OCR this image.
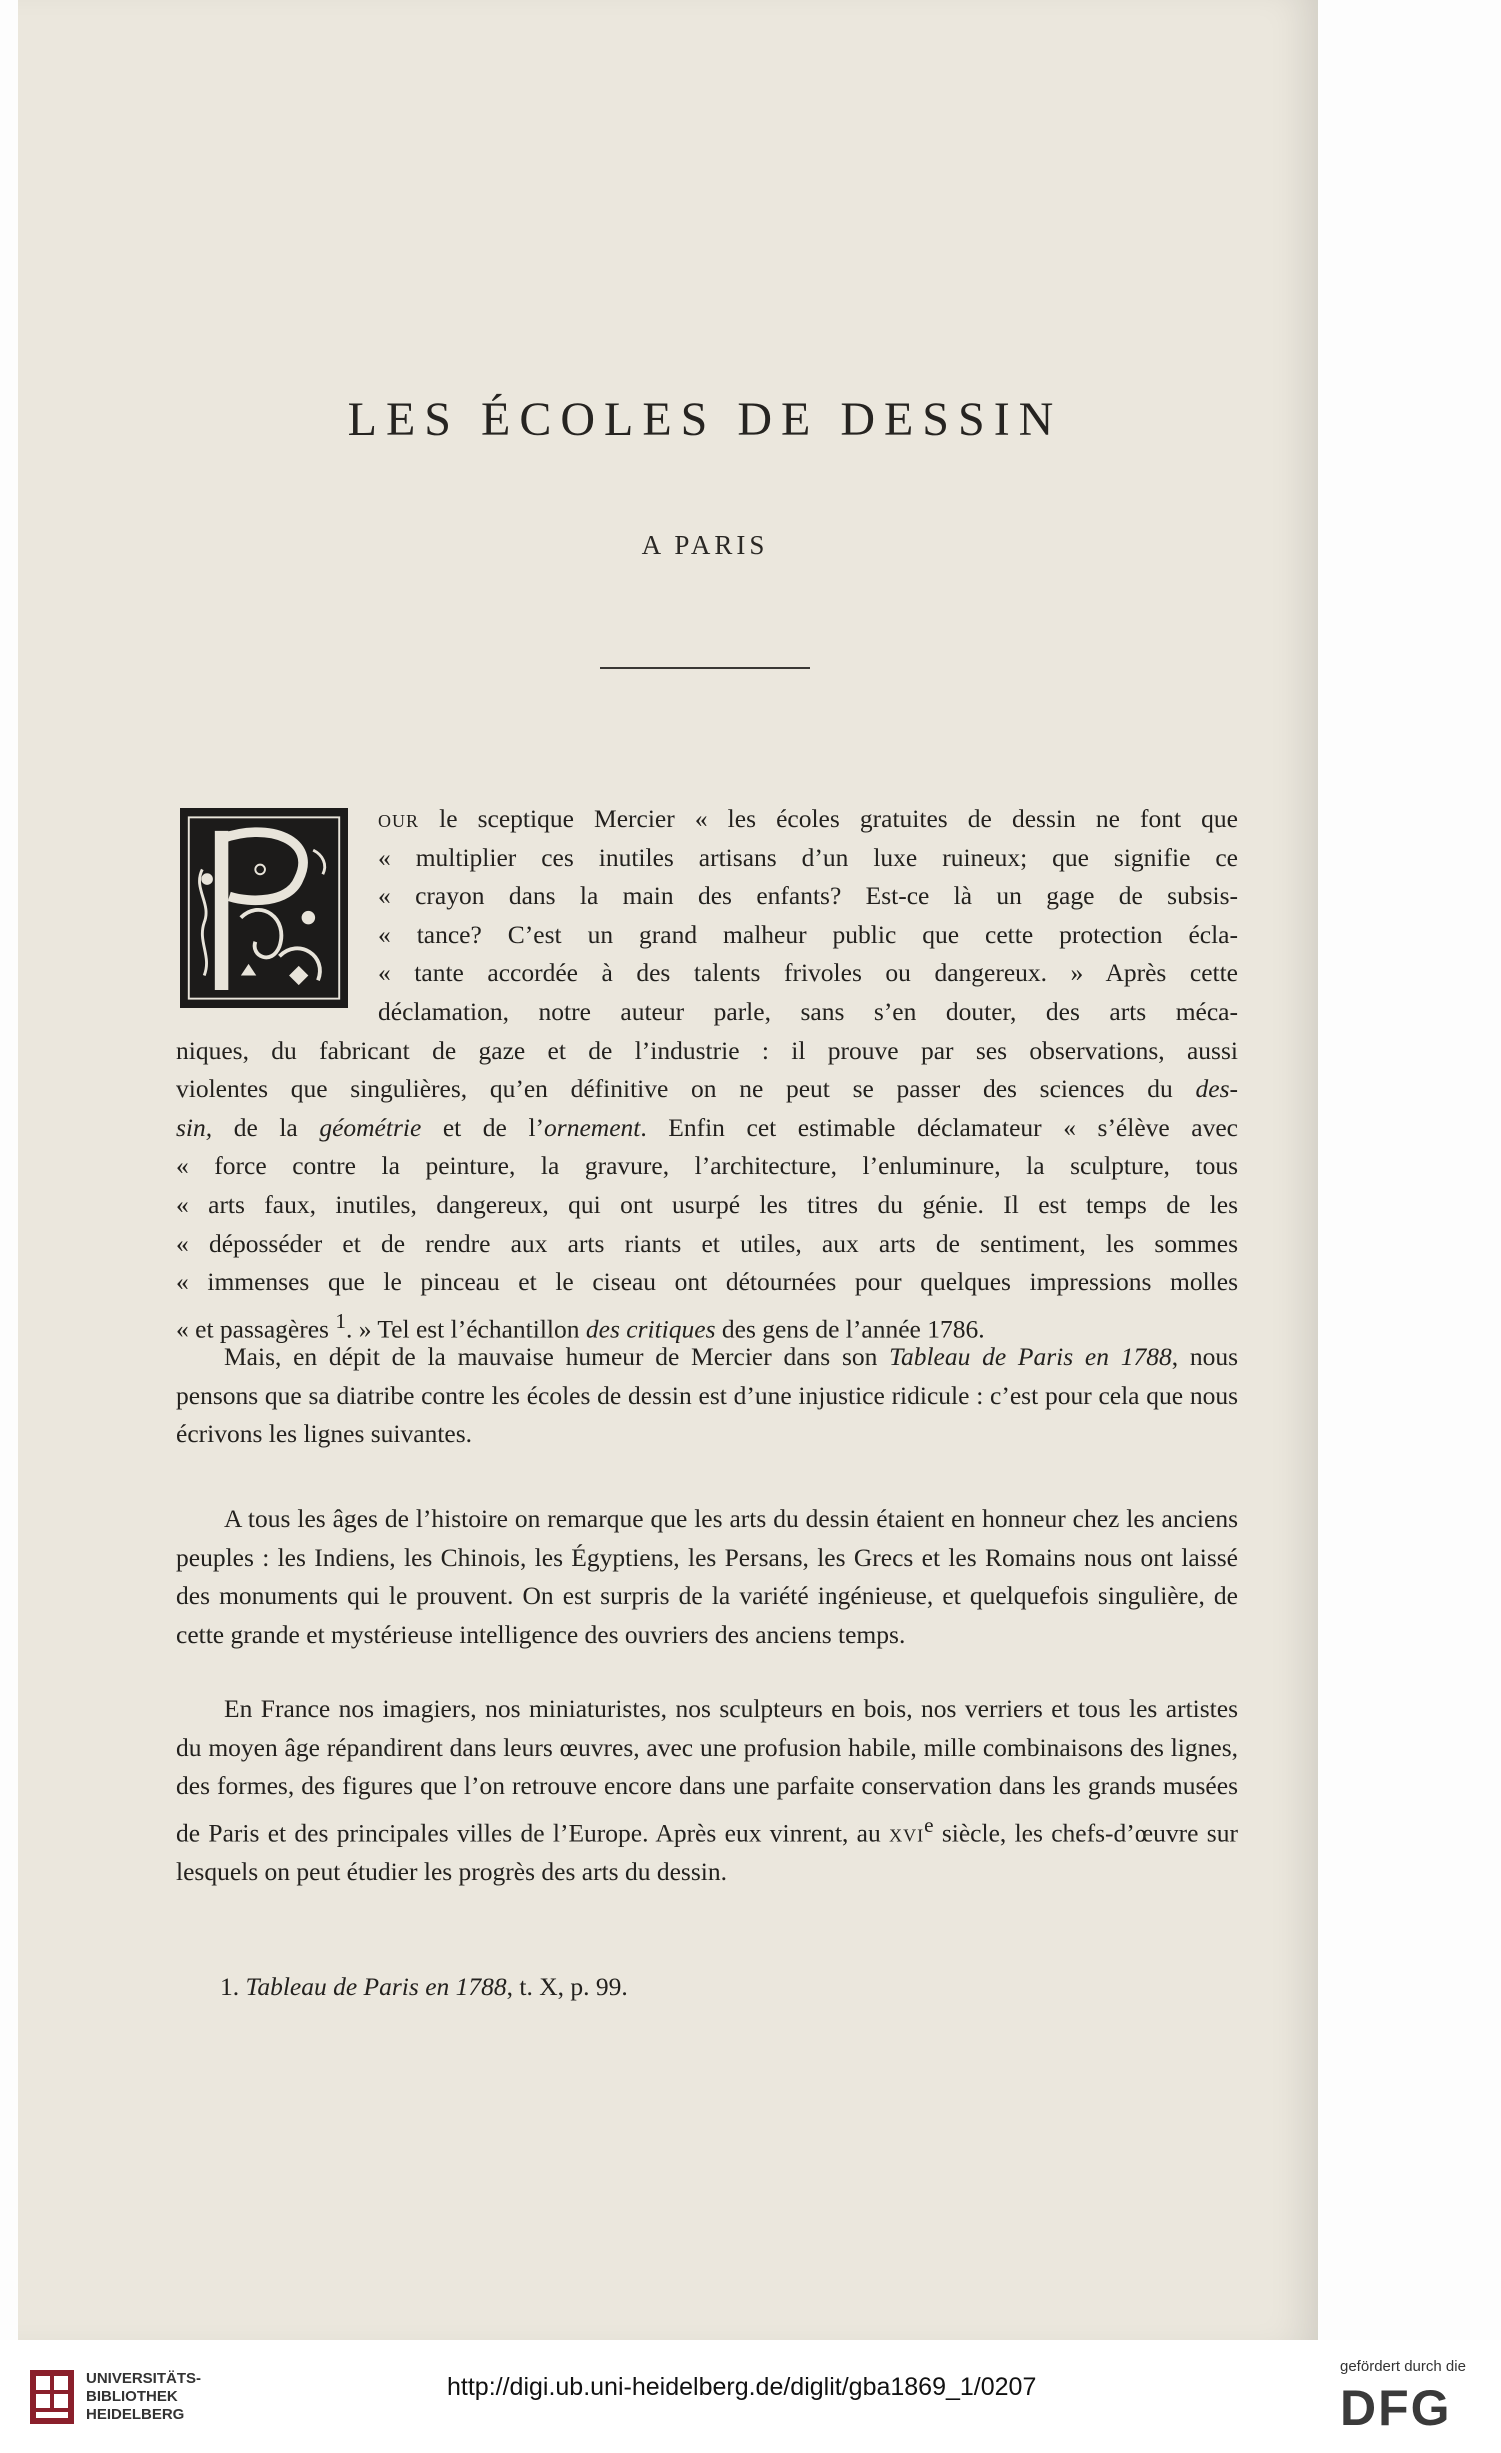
LES ÉCOLES DE DESSIN
A PARIS
our le sceptique Mercier « les écoles gratuites de dessin ne font que
« multiplier ces inutiles artisans d’un luxe ruineux; que signifie ce
« crayon dans la main des enfants? Est-ce là un gage de subsis-
« tance? C’est un grand malheur public que cette protection écla-
« tante accordée à des talents frivoles ou dangereux. » Après cette
déclamation, notre auteur parle, sans s’en douter, des arts méca-
niques, du fabricant de gaze et de l’industrie : il prouve par ses observations, aussi
violentes que singulières, qu’en définitive on ne peut se passer des sciences du des-
sin, de la géométrie et de l’ornement. Enfin cet estimable déclamateur « s’élève avec
« force contre la peinture, la gravure, l’architecture, l’enluminure, la sculpture, tous
« arts faux, inutiles, dangereux, qui ont usurpé les titres du génie. Il est temps de les
« déposséder et de rendre aux arts riants et utiles, aux arts de sentiment, les sommes
« immenses que le pinceau et le ciseau ont détournées pour quelques impressions molles
« et passagères $^1$. » Tel est l’échantillon des critiques des gens de l’année 1786.

Mais, en dépit de la mauvaise humeur de Mercier dans son Tableau de Paris en 1788, nous pensons que sa diatribe contre les écoles de dessin est d’une injustice ridicule : c’est pour cela que nous écrivons les lignes suivantes.

A tous les âges de l’histoire on remarque que les arts du dessin étaient en honneur chez les anciens peuples : les Indiens, les Chinois, les Égyptiens, les Persans, les Grecs et les Romains nous ont laissé des monuments qui le prouvent. On est surpris de la variété ingénieuse, et quelquefois singulière, de cette grande et mystérieuse intelligence des ouvriers des anciens temps.

En France nos imagiers, nos miniaturistes, nos sculpteurs en bois, nos verriers et tous les artistes du moyen âge répandirent dans leurs œuvres, avec une profusion habile, mille combinaisons des lignes, des formes, des figures que l’on retrouve encore dans une parfaite conservation dans les grands musées de Paris et des principales villes de l’Europe. Après eux vinrent, au xvi$^e$ siècle, les chefs-d’œuvre sur lesquels on peut étudier les progrès des arts du dessin.

1. Tableau de Paris en 1788, t. X, p. 99.
UNIVERSITÄTS-
BIBLIOTHEK
HEIDELBERG
http://digi.ub.uni-heidelberg.de/diglit/gba1869_1/0207
gefördert durch die
DFG
